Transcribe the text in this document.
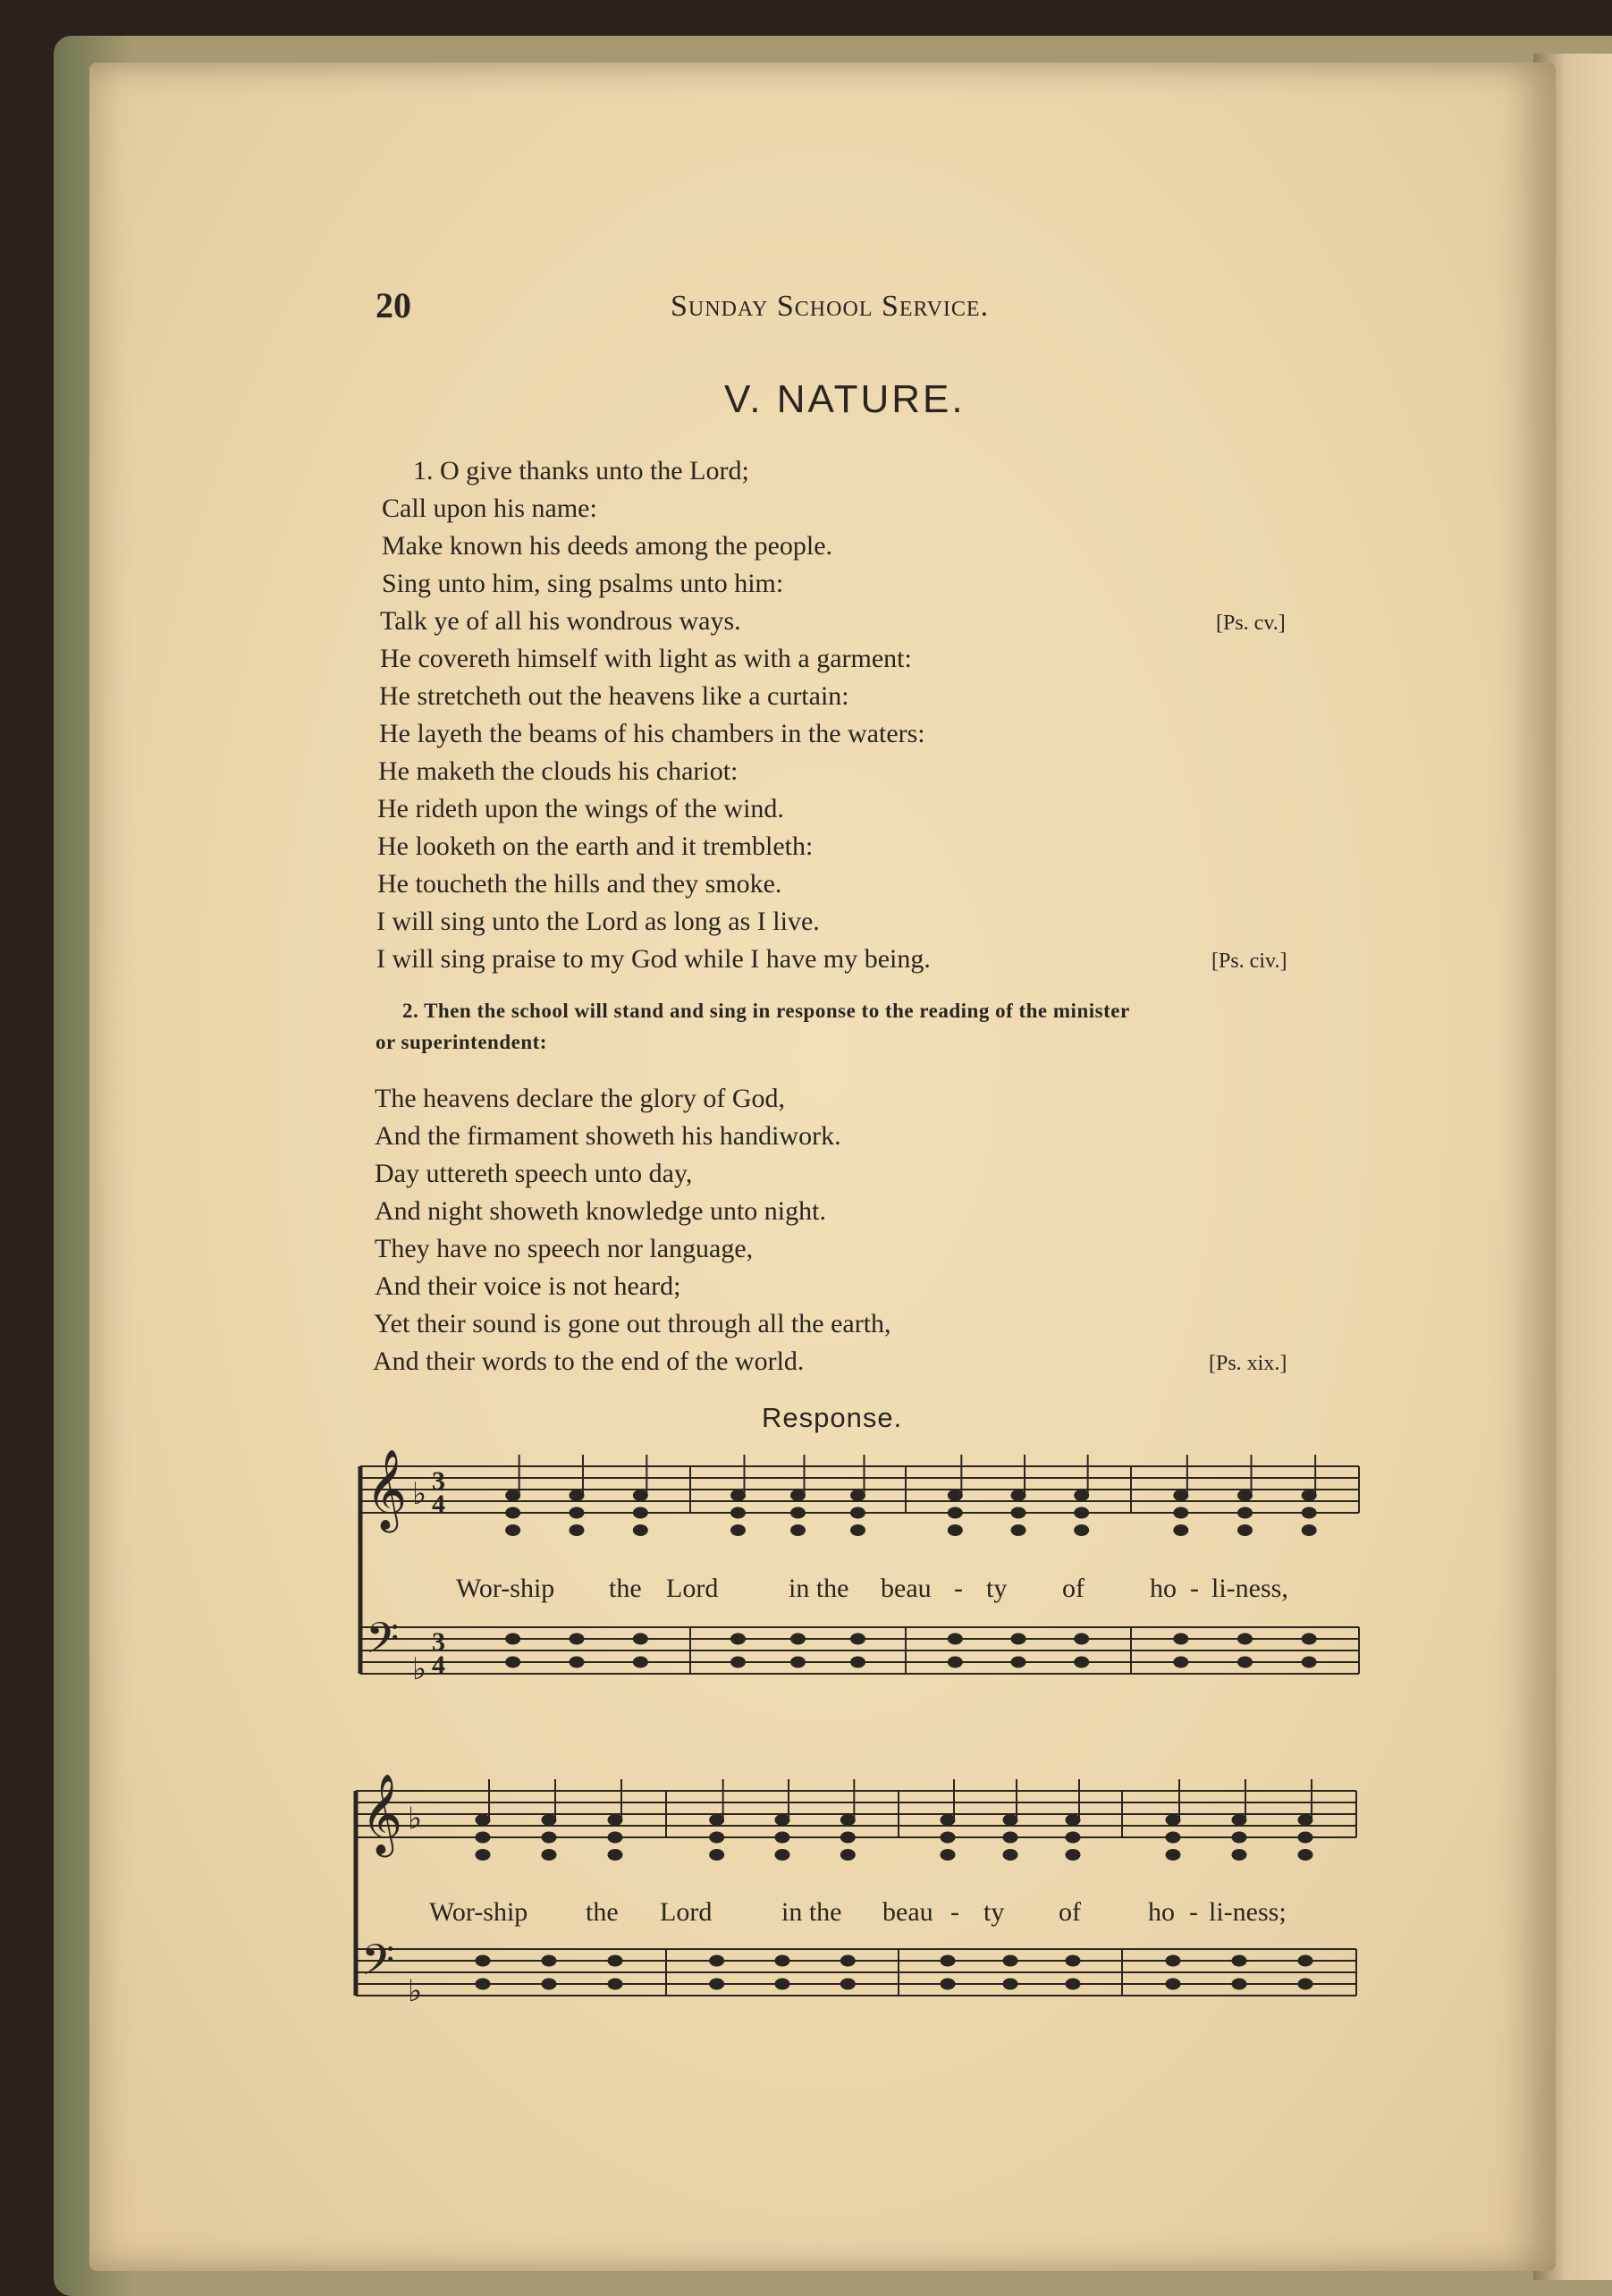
20	Sunday School Service.
V. NATURE.
1. O give thanks unto the Lord;
Call upon his name:
Make known his deeds among the people.
Sing unto him, sing psalms unto him:
Talk ye of all his wondrous ways.	[Ps. cv.]
He covereth himself with light as with a garment:
He stretcheth out the heavens like a curtain:
He layeth the beams of his chambers in the waters:
He maketh the clouds his chariot:
He rideth upon the wings of the wind.
He looketh on the earth and it trembleth:
He toucheth the hills and they smoke.
I will sing unto the Lord as long as I live.
I will sing praise to my God while I have my being.	[Ps. civ.]
2. Then the school will stand and sing in response to the reading of the minister
or superintendent:
The heavens declare the glory of God,
And the firmament showeth his handiwork.
Day uttereth speech unto day,
And night showeth knowledge unto night.
They have no speech nor language,
And their voice is not heard;
Yet their sound is gone out through all the earth,
And their words to the end of the world.	[Ps. xix.]
Response.
𝄞
𝄢
♭
♭
3
4
3
4
𝄞
𝄢
♭
♭
Wor-ship the Lord	in the beau - ty of ho - li-ness,
Wor-ship the Lord	in the beau - ty of	ho - li-ness;
